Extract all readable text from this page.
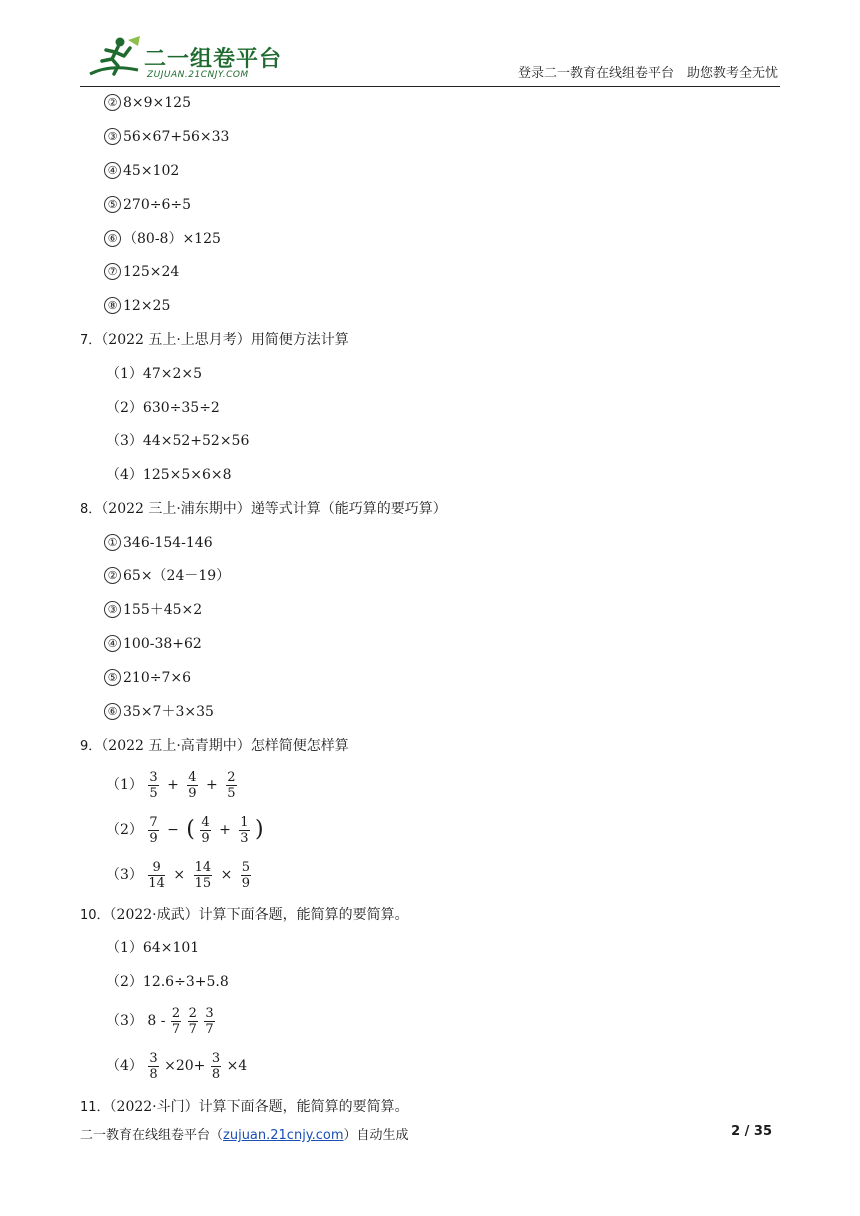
二一组卷平台
ZUJUAN.21CNJY.COM	登录二一教育在线组卷平台　助您教考全无忧
② 8×9×125
③ 56×67+56×33
④ 45×102
⑤ 270÷6÷5
⑥ （80-8）×125
⑦ 125×24
⑧ 12×25
7．（2022 五上·上思月考）用简便方法计算
（1）47×2×5
（2）630÷35÷2
（3）44×52+52×56
（4）125×5×6×8
8．（2022 三上·浦东期中）递等式计算（能巧算的要巧算）
① 346-154-146
② 65×（24－19）
③ 155＋45×2
④ 100-38+62
⑤ 210÷7×6
⑥ 35×7＋3×35
9．（2022 五上·高青期中）怎样简便怎样算
$(1) \frac{3}{5} + \frac{4}{9} + \frac{2}{5}$
$(2) \frac{7}{9}$ − ( $\frac{4}{9} + \frac{1}{3}$ )
$(3) \frac{9}{14} \times \frac{14}{15} \times \frac{5}{9}$
10．（2022·成武）计算下面各题，能简算的要简算。
（1）64×101
（2）12.6÷3+5.8
（3） $8 - \frac{2}{7}$
$\frac{2}{7}$
$\frac{3}{7}$
$(4) \frac{3}{8} \times 20+ \frac{3}{8} \times 4$
11．（2022·斗门）计算下面各题，能简算的要简算。
二一教育在线组卷平台（zujuan.21cnjy.com）自动生成	2 / 35
